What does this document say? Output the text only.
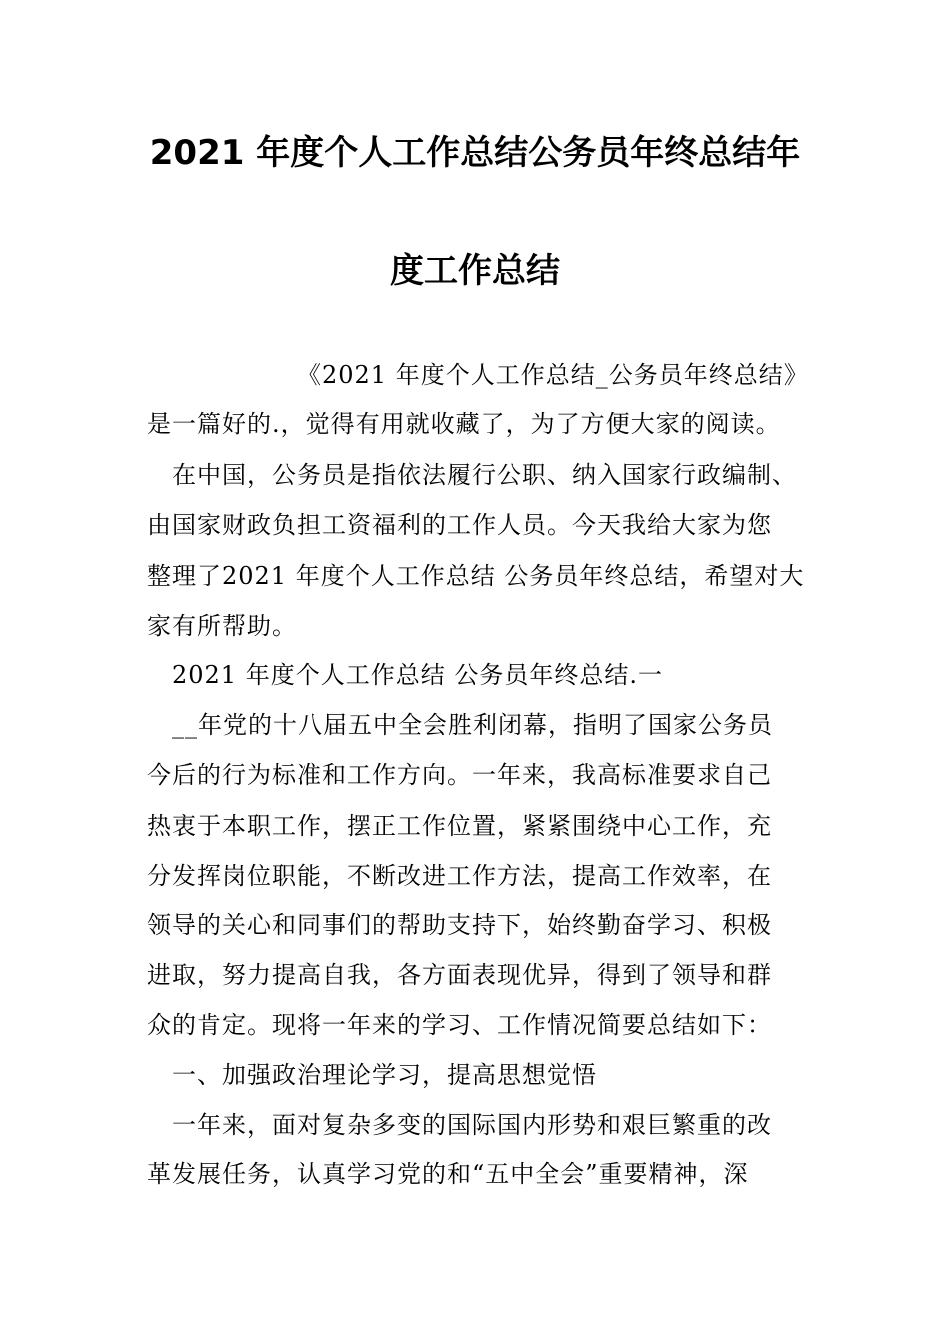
2021 年度个人工作总结公务员年终总结年
度工作总结
《2021 年度个人工作总结_公务员年终总结》
是一篇好的.，觉得有用就收藏了，为了方便大家的阅读。
在中国，公务员是指依法履行公职、纳入国家行政编制、
由国家财政负担工资福利的工作人员。今天我给大家为您
整理了2021 年度个人工作总结 公务员年终总结，希望对大
家有所帮助。
2021 年度个人工作总结 公务员年终总结.一
__年党的十八届五中全会胜利闭幕，指明了国家公务员
今后的行为标准和工作方向。一年来，我高标准要求自己
热衷于本职工作，摆正工作位置，紧紧围绕中心工作，充
分发挥岗位职能，不断改进工作方法，提高工作效率，在
领导的关心和同事们的帮助支持下，始终勤奋学习、积极
进取，努力提高自我，各方面表现优异，得到了领导和群
众的肯定。现将一年来的学习、工作情况简要总结如下：
一、加强政治理论学习，提高思想觉悟
一年来，面对复杂多变的国际国内形势和艰巨繁重的改
革发展任务，认真学习党的和“五中全会”重要精神，深
